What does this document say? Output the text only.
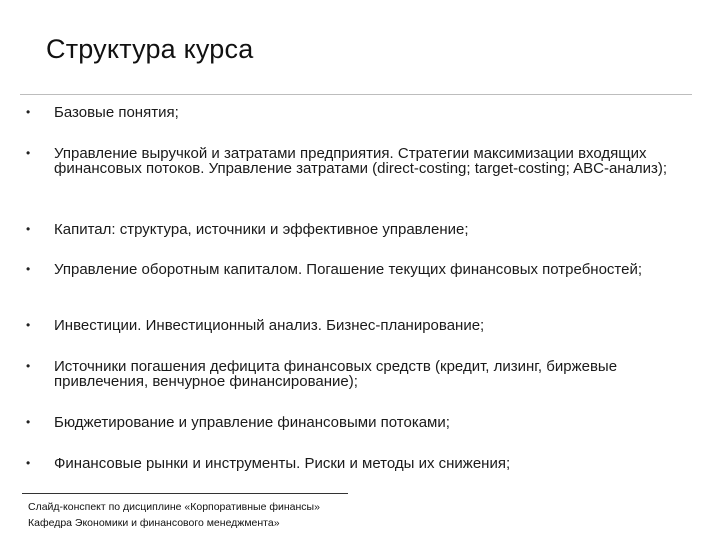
Структура курса
• Базовые понятия;
• Управление выручкой и затратами предприятия. Стратегии максимизации входящих финансовых потоков. Управление затратами (direct-costing; target-costing; ABC-анализ);
• Капитал: структура, источники и эффективное управление;
• Управление оборотным капиталом. Погашение текущих финансовых потребностей;
• Инвестиции. Инвестиционный анализ. Бизнес-планирование;
• Источники погашения дефицита финансовых средств (кредит, лизинг, биржевые привлечения, венчурное финансирование);
• Бюджетирование и управление финансовыми потоками;
• Финансовые рынки и инструменты. Риски и методы их снижения;
Слайд-конспект по дисциплине «Корпоративные финансы»
Кафедра Экономики и финансового менеджмента»
